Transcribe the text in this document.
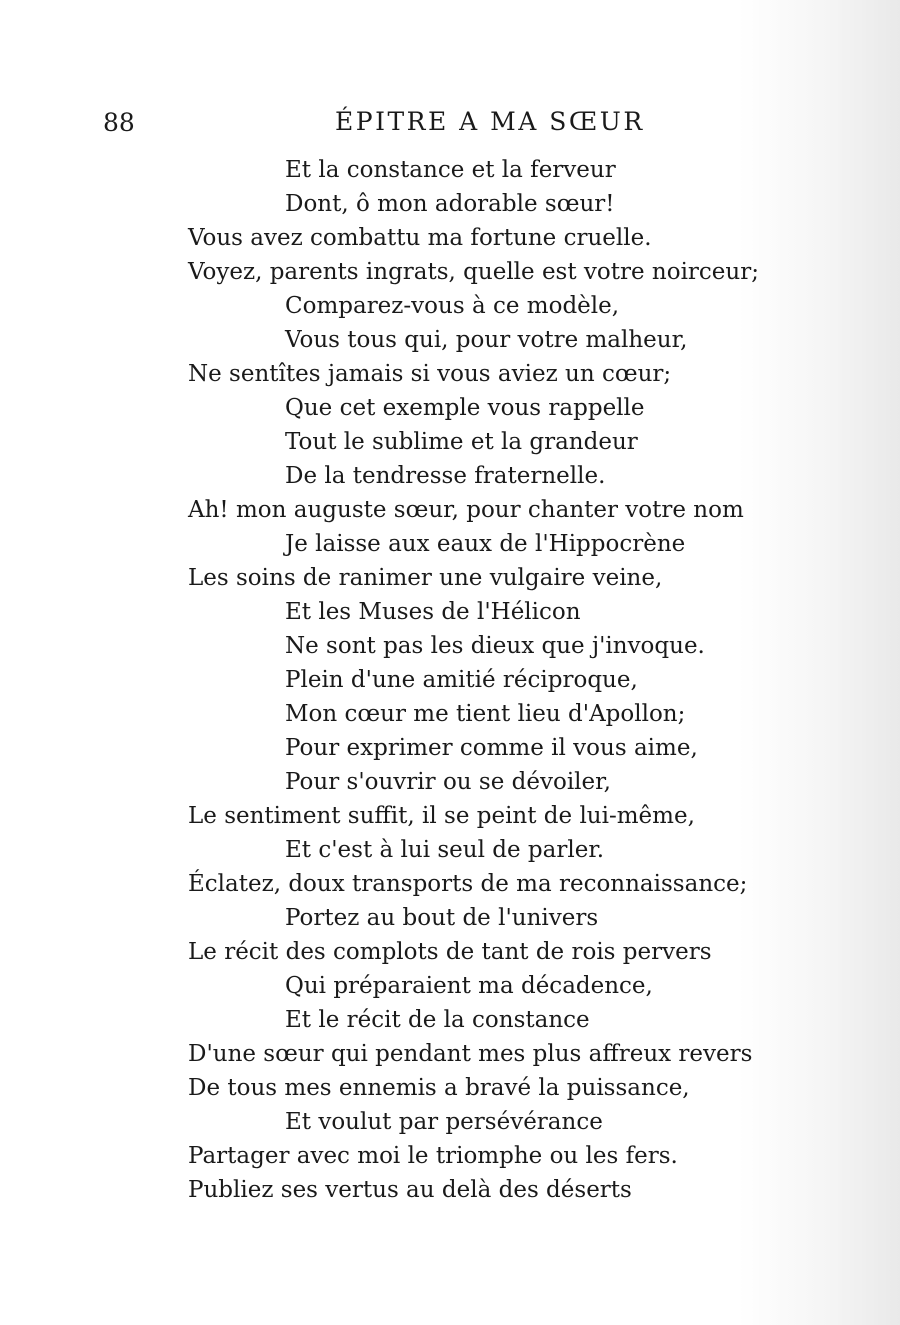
88	ÉPITRE A MA SŒUR
Et la constance et la ferveur
Dont, ô mon adorable sœur!
Vous avez combattu ma fortune cruelle.
Voyez, parents ingrats, quelle est votre noirceur;
Comparez-vous à ce modèle,
Vous tous qui, pour votre malheur,
Ne sentîtes jamais si vous aviez un cœur;
Que cet exemple vous rappelle
Tout le sublime et la grandeur
De la tendresse fraternelle.
Ah! mon auguste sœur, pour chanter votre nom
Je laisse aux eaux de l'Hippocrène
Les soins de ranimer une vulgaire veine,
Et les Muses de l'Hélicon
Ne sont pas les dieux que j'invoque.
Plein d'une amitié réciproque,
Mon cœur me tient lieu d'Apollon;
Pour exprimer comme il vous aime,
Pour s'ouvrir ou se dévoiler,
Le sentiment suffit, il se peint de lui-même,
Et c'est à lui seul de parler.
Éclatez, doux transports de ma reconnaissance;
Portez au bout de l'univers
Le récit des complots de tant de rois pervers
Qui préparaient ma décadence,
Et le récit de la constance
D'une sœur qui pendant mes plus affreux revers
De tous mes ennemis a bravé la puissance,
Et voulut par persévérance
Partager avec moi le triomphe ou les fers.
Publiez ses vertus au delà des déserts
